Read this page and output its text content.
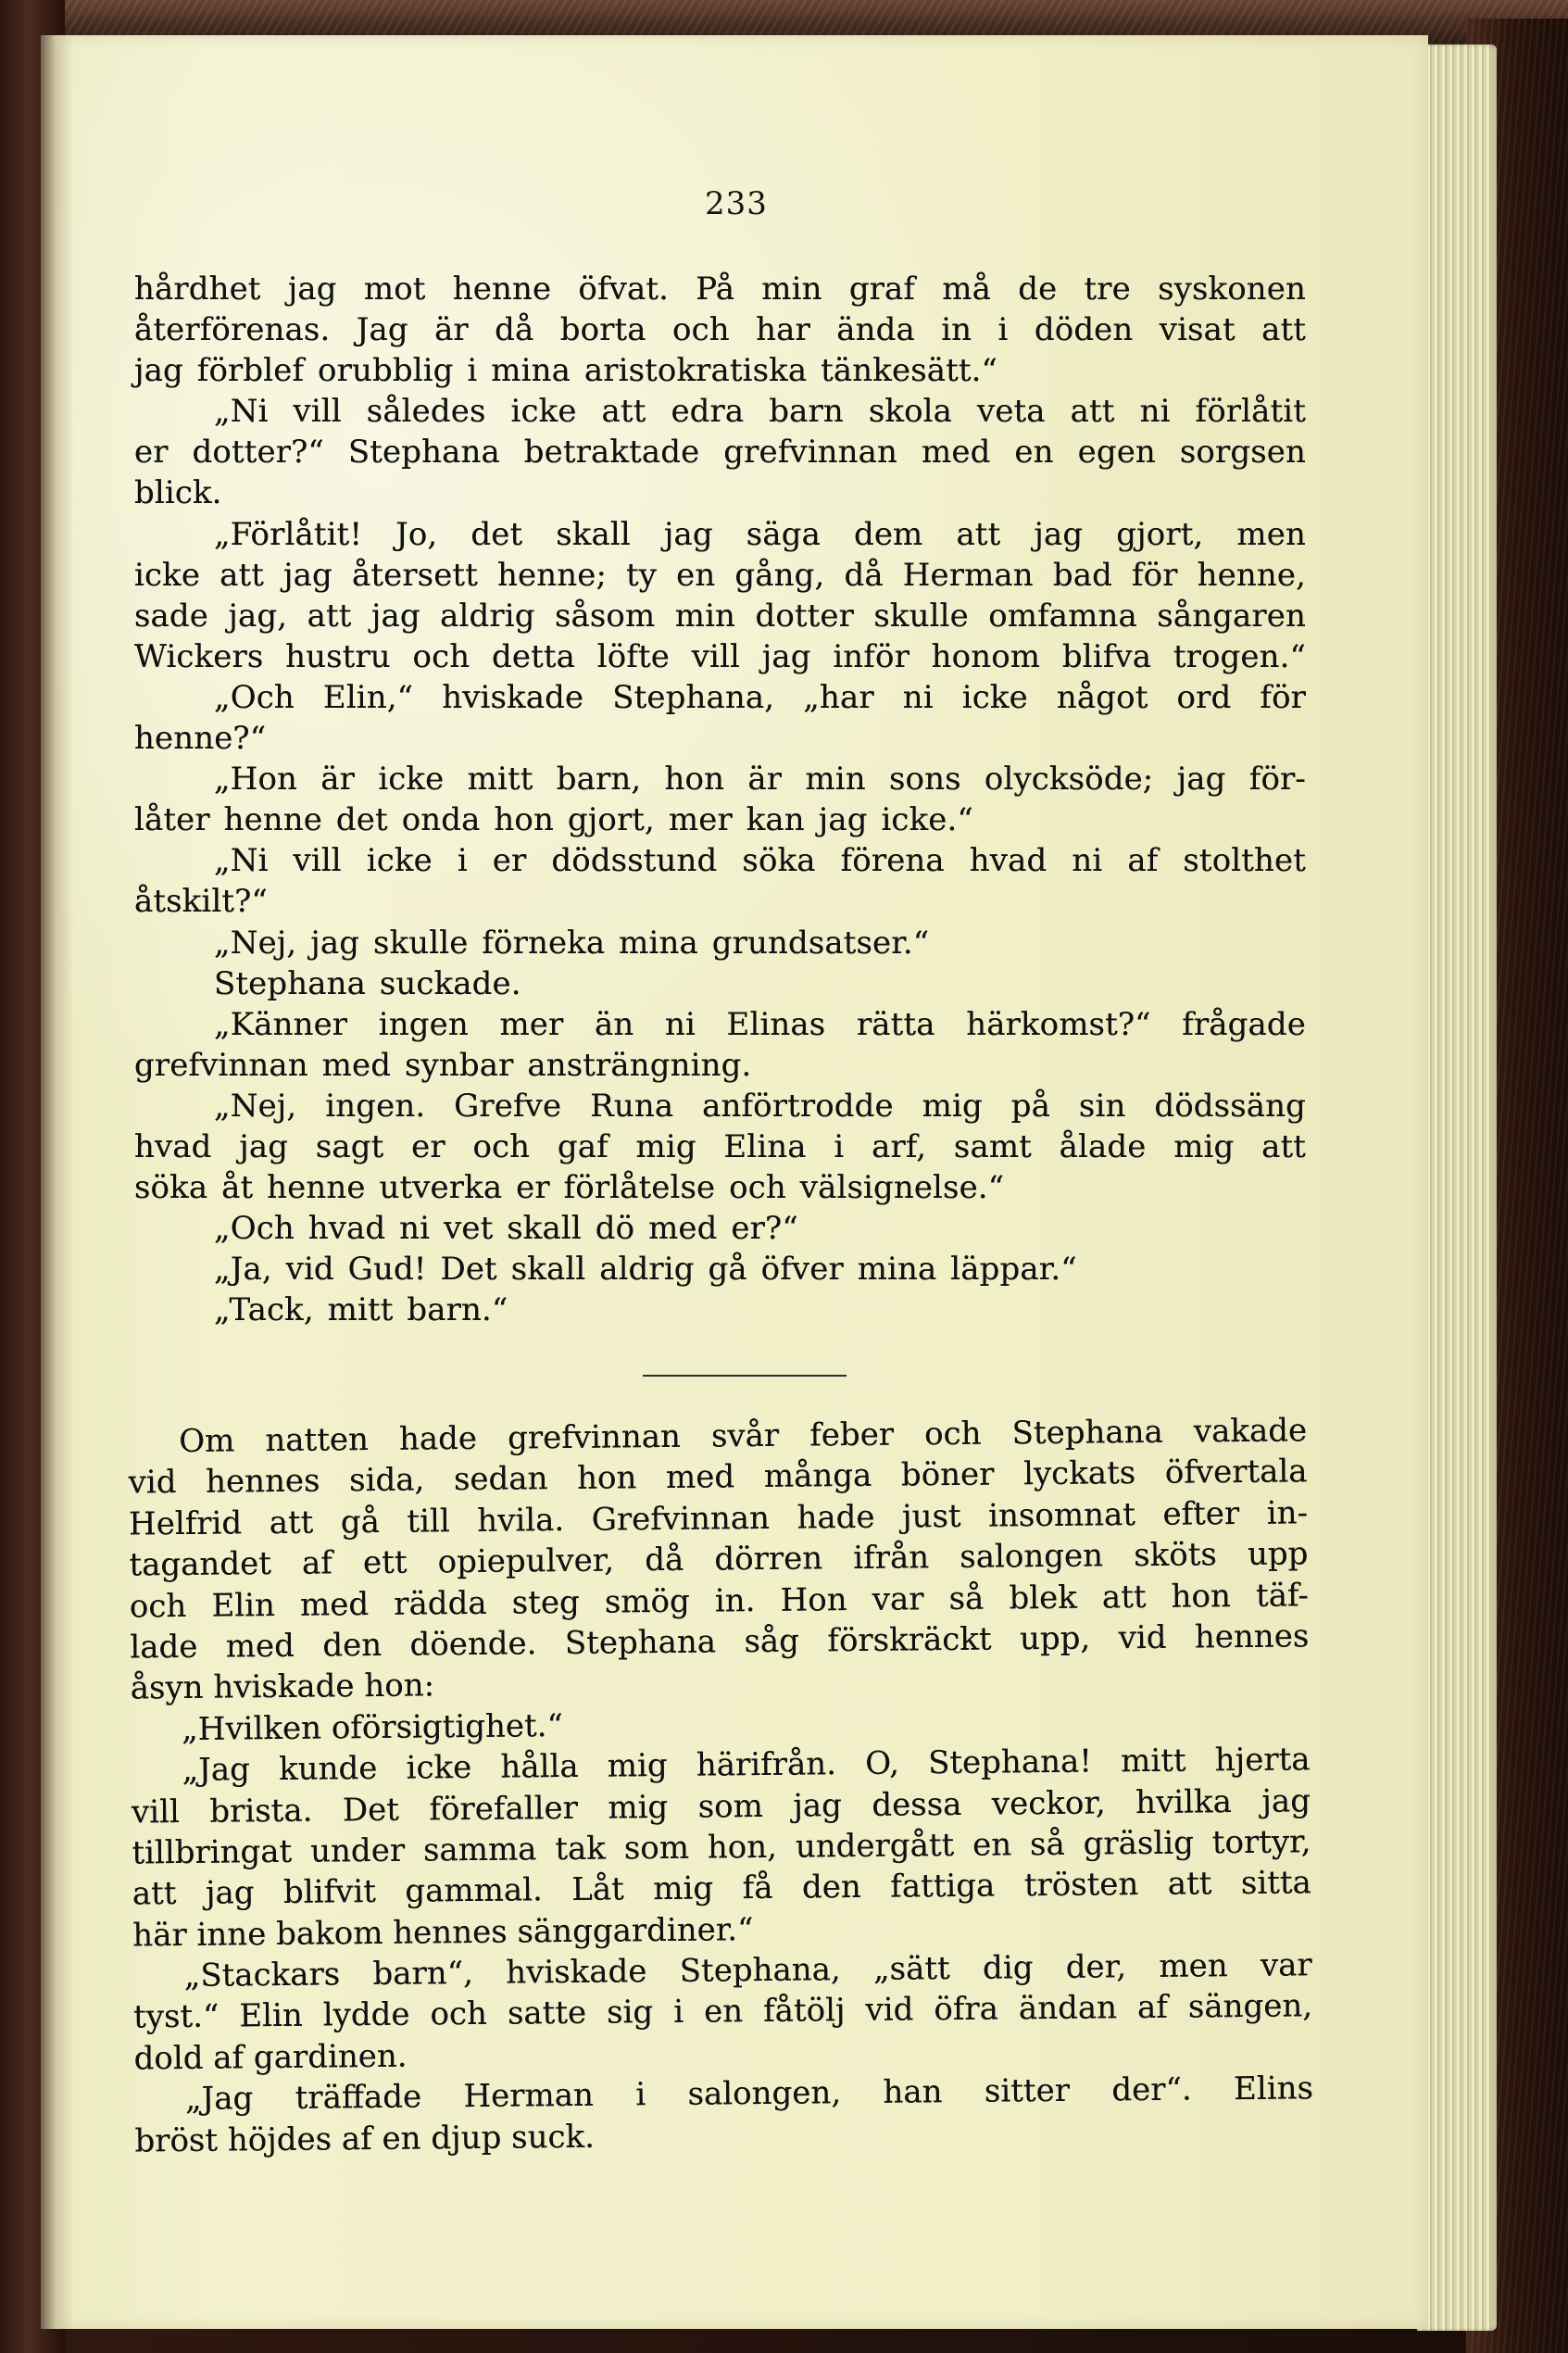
233
hårdhet jag mot henne öfvat. På min graf må de tre syskonen
återförenas. Jag är då borta och har ända in i döden visat att
jag förblef orubblig i mina aristokratiska tänkesätt.“
„Ni vill således icke att edra barn skola veta att ni förlåtit
er dotter?“ Stephana betraktade grefvinnan med en egen sorgsen
blick.
„Förlåtit! Jo, det skall jag säga dem att jag gjort, men
icke att jag återsett henne; ty en gång, då Herman bad för henne,
sade jag, att jag aldrig såsom min dotter skulle omfamna sångaren
Wickers hustru och detta löfte vill jag inför honom blifva trogen.“
„Och Elin,“ hviskade Stephana, „har ni icke något ord för
henne?“
„Hon är icke mitt barn, hon är min sons olycksöde; jag för-
låter henne det onda hon gjort, mer kan jag icke.“
„Ni vill icke i er dödsstund söka förena hvad ni af stolthet
åtskilt?“
„Nej, jag skulle förneka mina grundsatser.“
Stephana suckade.
„Känner ingen mer än ni Elinas rätta härkomst?“ frågade
grefvinnan med synbar ansträngning.
„Nej, ingen. Grefve Runa anförtrodde mig på sin dödssäng
hvad jag sagt er och gaf mig Elina i arf, samt ålade mig att
söka åt henne utverka er förlåtelse och välsignelse.“
„Och hvad ni vet skall dö med er?“
„Ja, vid Gud! Det skall aldrig gå öfver mina läppar.“
„Tack, mitt barn.“
Om natten hade grefvinnan svår feber och Stephana vakade
vid hennes sida, sedan hon med många böner lyckats öfvertala
Helfrid att gå till hvila. Grefvinnan hade just insomnat efter in-
tagandet af ett opiepulver, då dörren ifrån salongen sköts upp
och Elin med rädda steg smög in. Hon var så blek att hon täf-
lade med den döende. Stephana såg förskräckt upp, vid hennes
åsyn hviskade hon:
„Hvilken oförsigtighet.“
„Jag kunde icke hålla mig härifrån. O, Stephana! mitt hjerta
vill brista. Det förefaller mig som jag dessa veckor, hvilka jag
tillbringat under samma tak som hon, undergått en så gräslig tortyr,
att jag blifvit gammal. Låt mig få den fattiga trösten att sitta
här inne bakom hennes sänggardiner.“
„Stackars barn“, hviskade Stephana, „sätt dig der, men var
tyst.“ Elin lydde och satte sig i en fåtölj vid öfra ändan af sängen,
dold af gardinen.
„Jag träffade Herman i salongen, han sitter der“. Elins
bröst höjdes af en djup suck.
